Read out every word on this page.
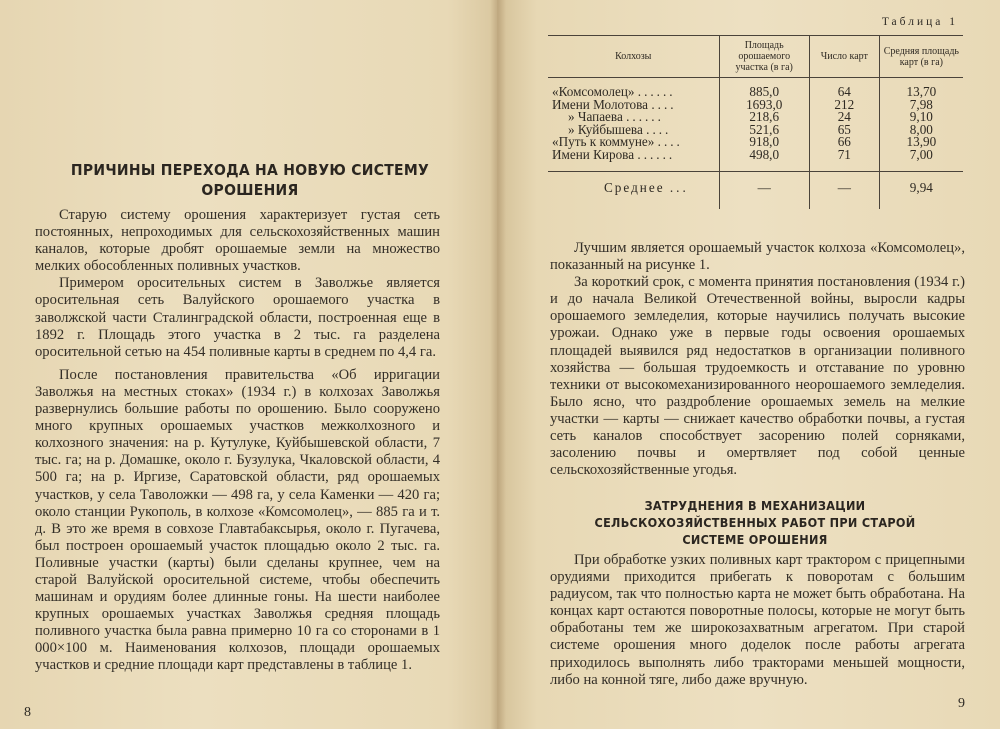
ПРИЧИНЫ ПЕРЕХОДА НА НОВУЮ СИСТЕМУ ОРОШЕНИЯ

Старую систему орошения характеризует густая сеть постоянных, непроходимых для сельскохозяйственных машин каналов, которые дробят орошаемые земли на множество мелких обособленных поливных участков.

Примером оросительных систем в Заволжье является оросительная сеть Валуйского орошаемого участка в заволжской части Сталинградской области, построенная еще в 1892 г. Площадь этого участка в 2 тыс. га разделена оросительной сетью на 454 поливные карты в среднем по 4,4 га.

После постановления правительства «Об ирригации Заволжья на местных стоках» (1934 г.) в колхозах Заволжья развернулись большие работы по орошению. Было сооружено много крупных орошаемых участков межколхозного и колхозного значения: на р. Кутулуке, Куйбышевской области, 7 тыс. га; на р. Домашке, около г. Бузулука, Чкаловской области, 4 500 га; на р. Иргизе, Саратовской области, ряд орошаемых участков, у села Таволожки — 498 га, у села Каменки — 420 га; около станции Рукополь, в колхозе «Комсомолец», — 885 га и т. д. В это же время в совхозе Главтабаксырья, около г. Пугачева, был построен орошаемый участок площадью около 2 тыс. га. Поливные участки (карты) были сделаны крупнее, чем на старой Валуйской оросительной системе, чтобы обеспечить машинам и орудиям более длинные гоны. На шести наиболее крупных орошаемых участках Заволжья средняя площадь поливного участка была равна примерно 10 га со сторонами в 1 000×100 м. Наименования колхозов, площади орошаемых участков и средние площади карт представлены в таблице 1.

8
Таблица 1
Колхозы	Площадь орошаемого участка (в га)	Число карт	Средняя площадь карт (в га)
«Комсомолец» ......	885,0	64	13,70
Имени Молотова ....	1693,0	212	7,98
» Чапаева ......	218,6	24	9,10
» Куйбышева ....	521,6	65	8,00
«Путь к коммуне» ....	918,0	66	13,90
Имени Кирова ......	498,0	71	7,00
Среднее ...	—	—	9,94

Лучшим является орошаемый участок колхоза «Комсомолец», показанный на рисунке 1.

За короткий срок, с момента принятия постановления (1934 г.) и до начала Великой Отечественной войны, выросли кадры орошаемого земледелия, которые научились получать высокие урожаи. Однако уже в первые годы освоения орошаемых площадей выявился ряд недостатков в организации поливного хозяйства — большая трудоемкость и отставание по уровню техники от высокомеханизированного неорошаемого земледелия. Было ясно, что раздробление орошаемых земель на мелкие участки — карты — снижает качество обработки почвы, а густая сеть каналов способствует засорению полей сорняками, засолению почвы и омертвляет под собой ценные сельскохозяйственные угодья.

ЗАТРУДНЕНИЯ В МЕХАНИЗАЦИИ СЕЛЬСКОХОЗЯЙСТВЕННЫХ РАБОТ ПРИ СТАРОЙ СИСТЕМЕ ОРОШЕНИЯ

При обработке узких поливных карт трактором с прицепными орудиями приходится прибегать к поворотам с большим радиусом, так что полностью карта не может быть обработана. На концах карт остаются поворотные полосы, которые не могут быть обработаны тем же широкозахватным агрегатом. При старой системе орошения много доделок после работы агрегата приходилось выполнять либо тракторами меньшей мощности, либо на конной тяге, либо даже вручную.

9
